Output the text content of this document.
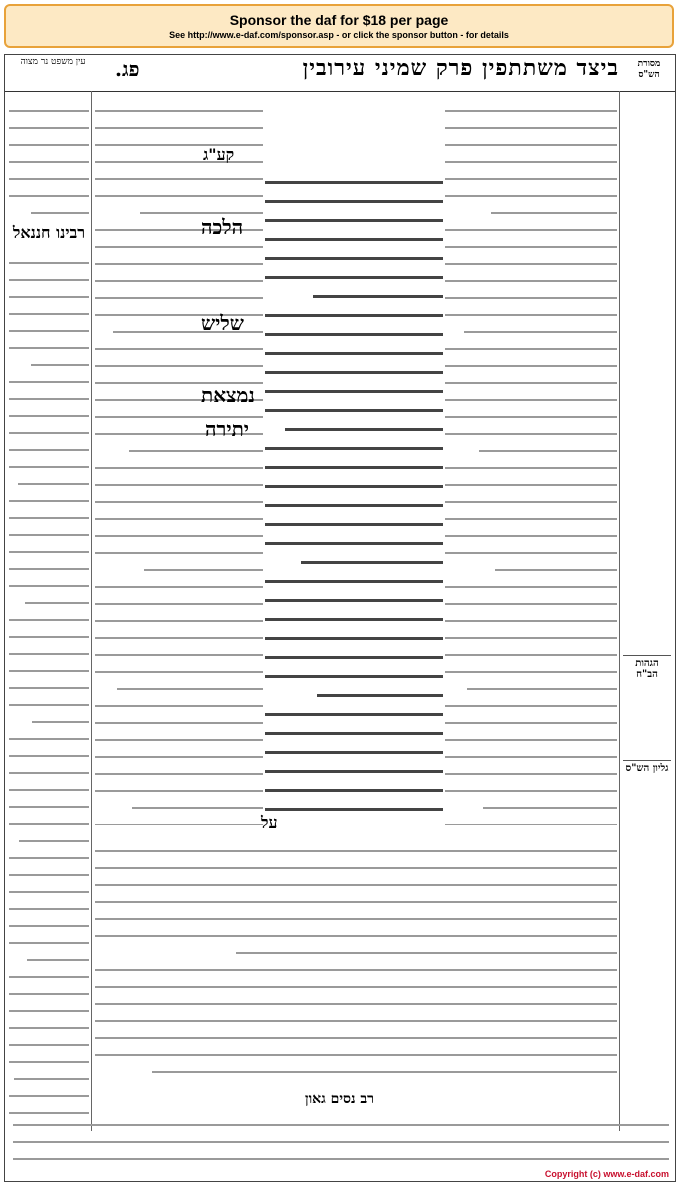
Sponsor the daf for $18 per page
See http://www.e-daf.com/sponsor.asp - or click the sponsor button - for details
מסורת הש"ס
ביצד משתתפין פרק שמיני עירובין
פג.
עין משפט נר מצוה
הגהות הב"ח
גליון הש"ס
רבינו חננאל
קע"ג
הלכה
שליש
נמצאת
יתירה
על
רב נסים גאון
Copyright (c) www.e-daf.com
